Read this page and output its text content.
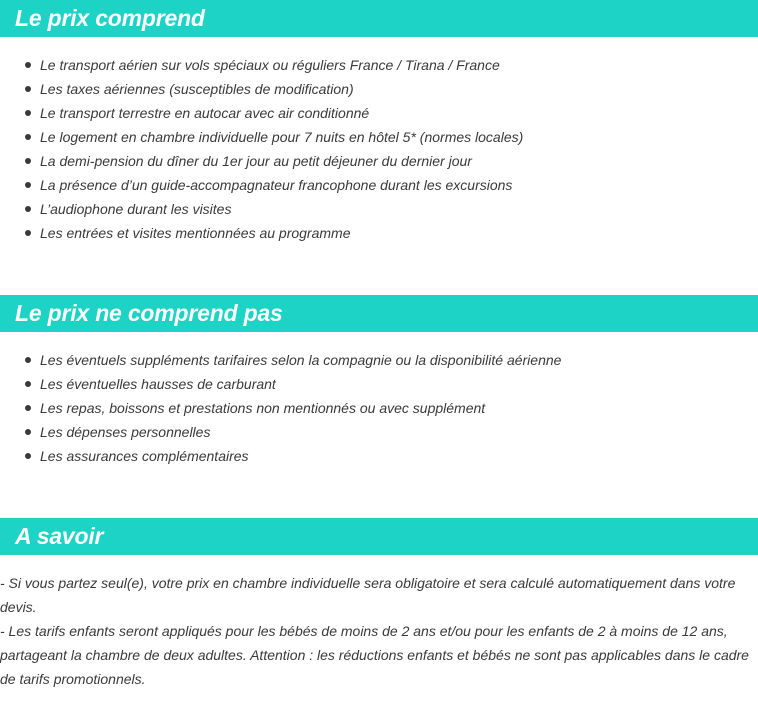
Le prix comprend
Le transport aérien sur vols spéciaux ou réguliers France / Tirana / France
Les taxes aériennes (susceptibles de modification)
Le transport terrestre en autocar avec air conditionné
Le logement en chambre individuelle pour 7 nuits en hôtel 5* (normes locales)
La demi-pension du dîner du 1er jour au petit déjeuner du dernier jour
La présence d’un guide-accompagnateur francophone durant les excursions
L’audiophone durant les visites
Les entrées et visites mentionnées au programme
Le prix ne comprend pas
Les éventuels suppléments tarifaires selon la compagnie ou la disponibilité aérienne
Les éventuelles hausses de carburant
Les repas, boissons et prestations non mentionnés ou avec supplément
Les dépenses personnelles
Les assurances complémentaires
A savoir

- Si vous partez seul(e), votre prix en chambre individuelle sera obligatoire et sera calculé automatiquement dans votre devis.

- Les tarifs enfants seront appliqués pour les bébés de moins de 2 ans et/ou pour les enfants de 2 à moins de 12 ans, partageant la chambre de deux adultes. Attention : les réductions enfants et bébés ne sont pas applicables dans le cadre de tarifs promotionnels.
